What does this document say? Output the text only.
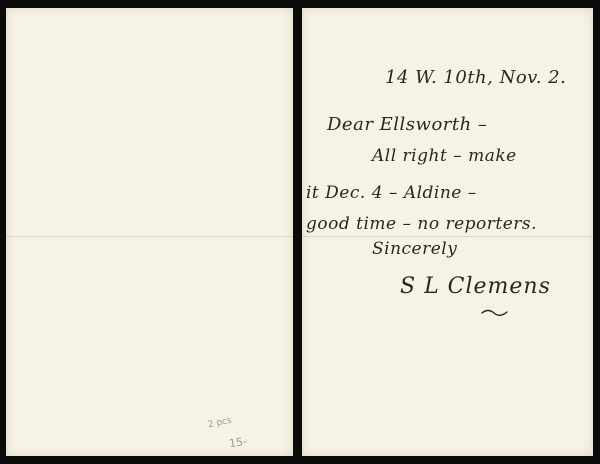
2 pcs
15-
14 W. 10th, Nov. 2.
Dear Ellsworth –
All right – make
it Dec. 4 – Aldine –
good time – no reporters.
Sincerely
S L Clemens
